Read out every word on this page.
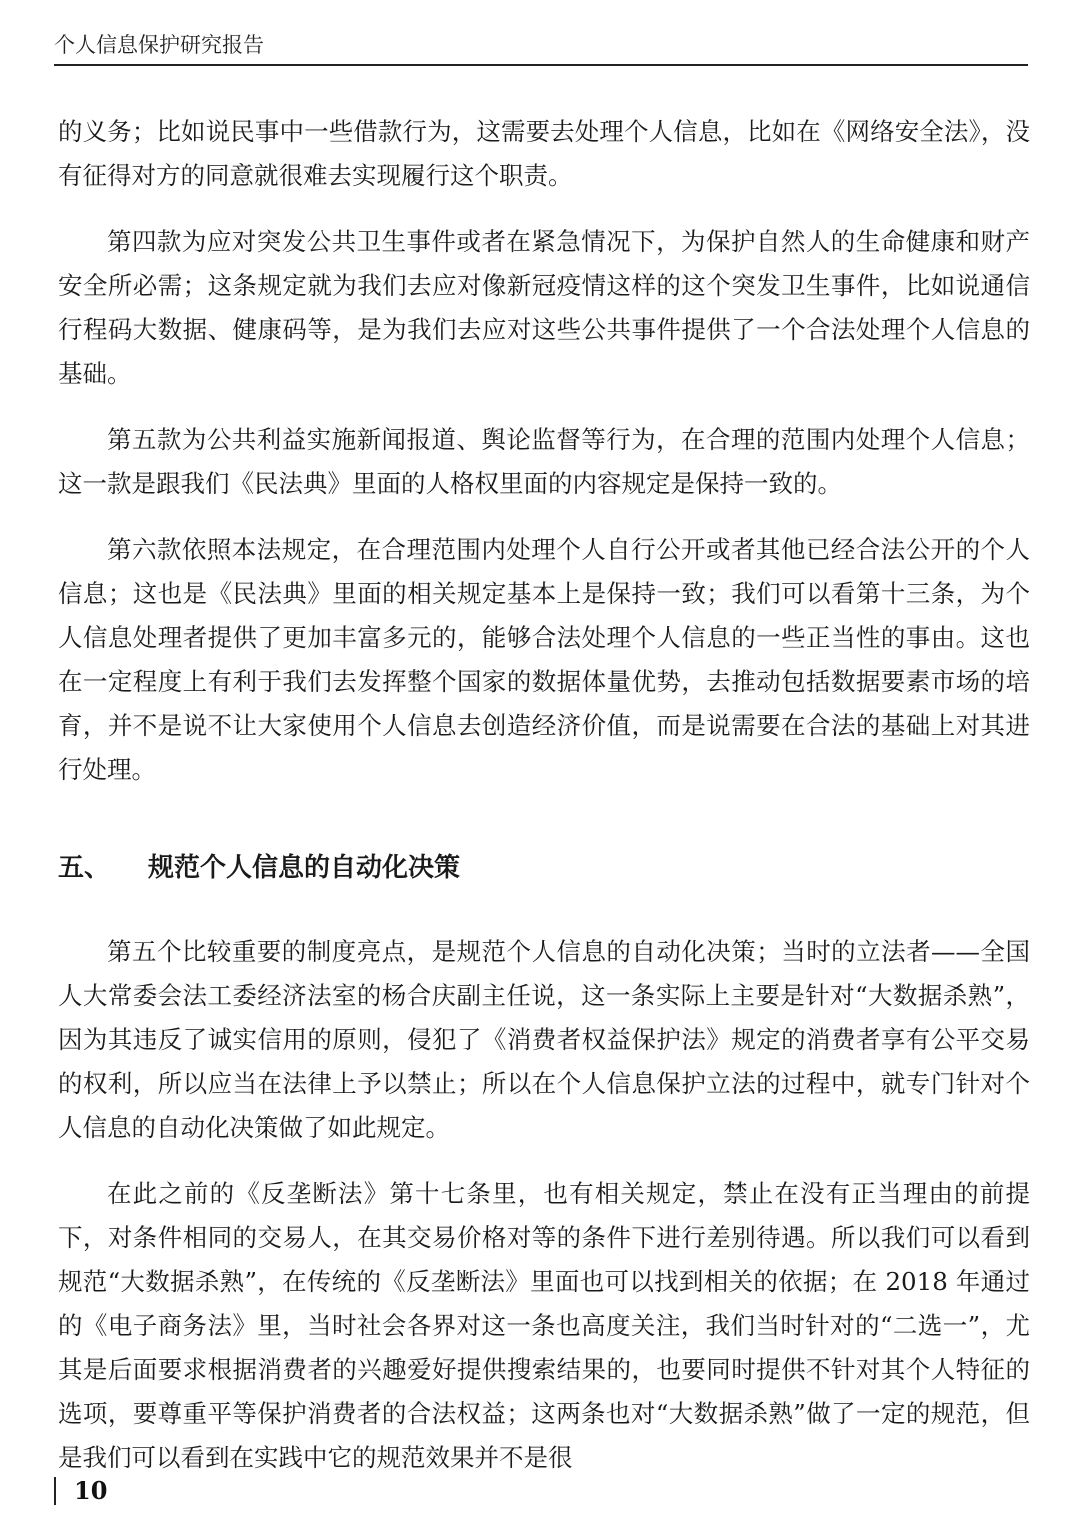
个人信息保护研究报告

的义务；比如说民事中一些借款行为，这需要去处理个人信息，比如在《网络安全法》，没有征得对方的同意就很难去实现履行这个职责。

第四款为应对突发公共卫生事件或者在紧急情况下，为保护自然人的生命健康和财产安全所必需；这条规定就为我们去应对像新冠疫情这样的这个突发卫生事件，比如说通信行程码大数据、健康码等，是为我们去应对这些公共事件提供了一个合法处理个人信息的基础。

第五款为公共利益实施新闻报道、舆论监督等行为，在合理的范围内处理个人信息；这一款是跟我们《民法典》里面的人格权里面的内容规定是保持一致的。

第六款依照本法规定，在合理范围内处理个人自行公开或者其他已经合法公开的个人信息；这也是《民法典》里面的相关规定基本上是保持一致；我们可以看第十三条，为个人信息处理者提供了更加丰富多元的，能够合法处理个人信息的一些正当性的事由。这也在一定程度上有利于我们去发挥整个国家的数据体量优势，去推动包括数据要素市场的培育，并不是说不让大家使用个人信息去创造经济价值，而是说需要在合法的基础上对其进行处理。

五、	规范个人信息的自动化决策

第五个比较重要的制度亮点，是规范个人信息的自动化决策；当时的立法者——全国人大常委会法工委经济法室的杨合庆副主任说，这一条实际上主要是针对“大数据杀熟”，因为其违反了诚实信用的原则，侵犯了《消费者权益保护法》规定的消费者享有公平交易的权利，所以应当在法律上予以禁止；所以在个人信息保护立法的过程中，就专门针对个人信息的自动化决策做了如此规定。

在此之前的《反垄断法》第十七条里，也有相关规定，禁止在没有正当理由的前提下，对条件相同的交易人，在其交易价格对等的条件下进行差别待遇。所以我们可以看到规范“大数据杀熟”，在传统的《反垄断法》里面也可以找到相关的依据；在 2018 年通过的《电子商务法》里，当时社会各界对这一条也高度关注，我们当时针对的“二选一”，尤其是后面要求根据消费者的兴趣爱好提供搜索结果的，也要同时提供不针对其个人特征的选项，要尊重平等保护消费者的合法权益；这两条也对“大数据杀熟”做了一定的规范，但是我们可以看到在实践中它的规范效果并不是很

10
